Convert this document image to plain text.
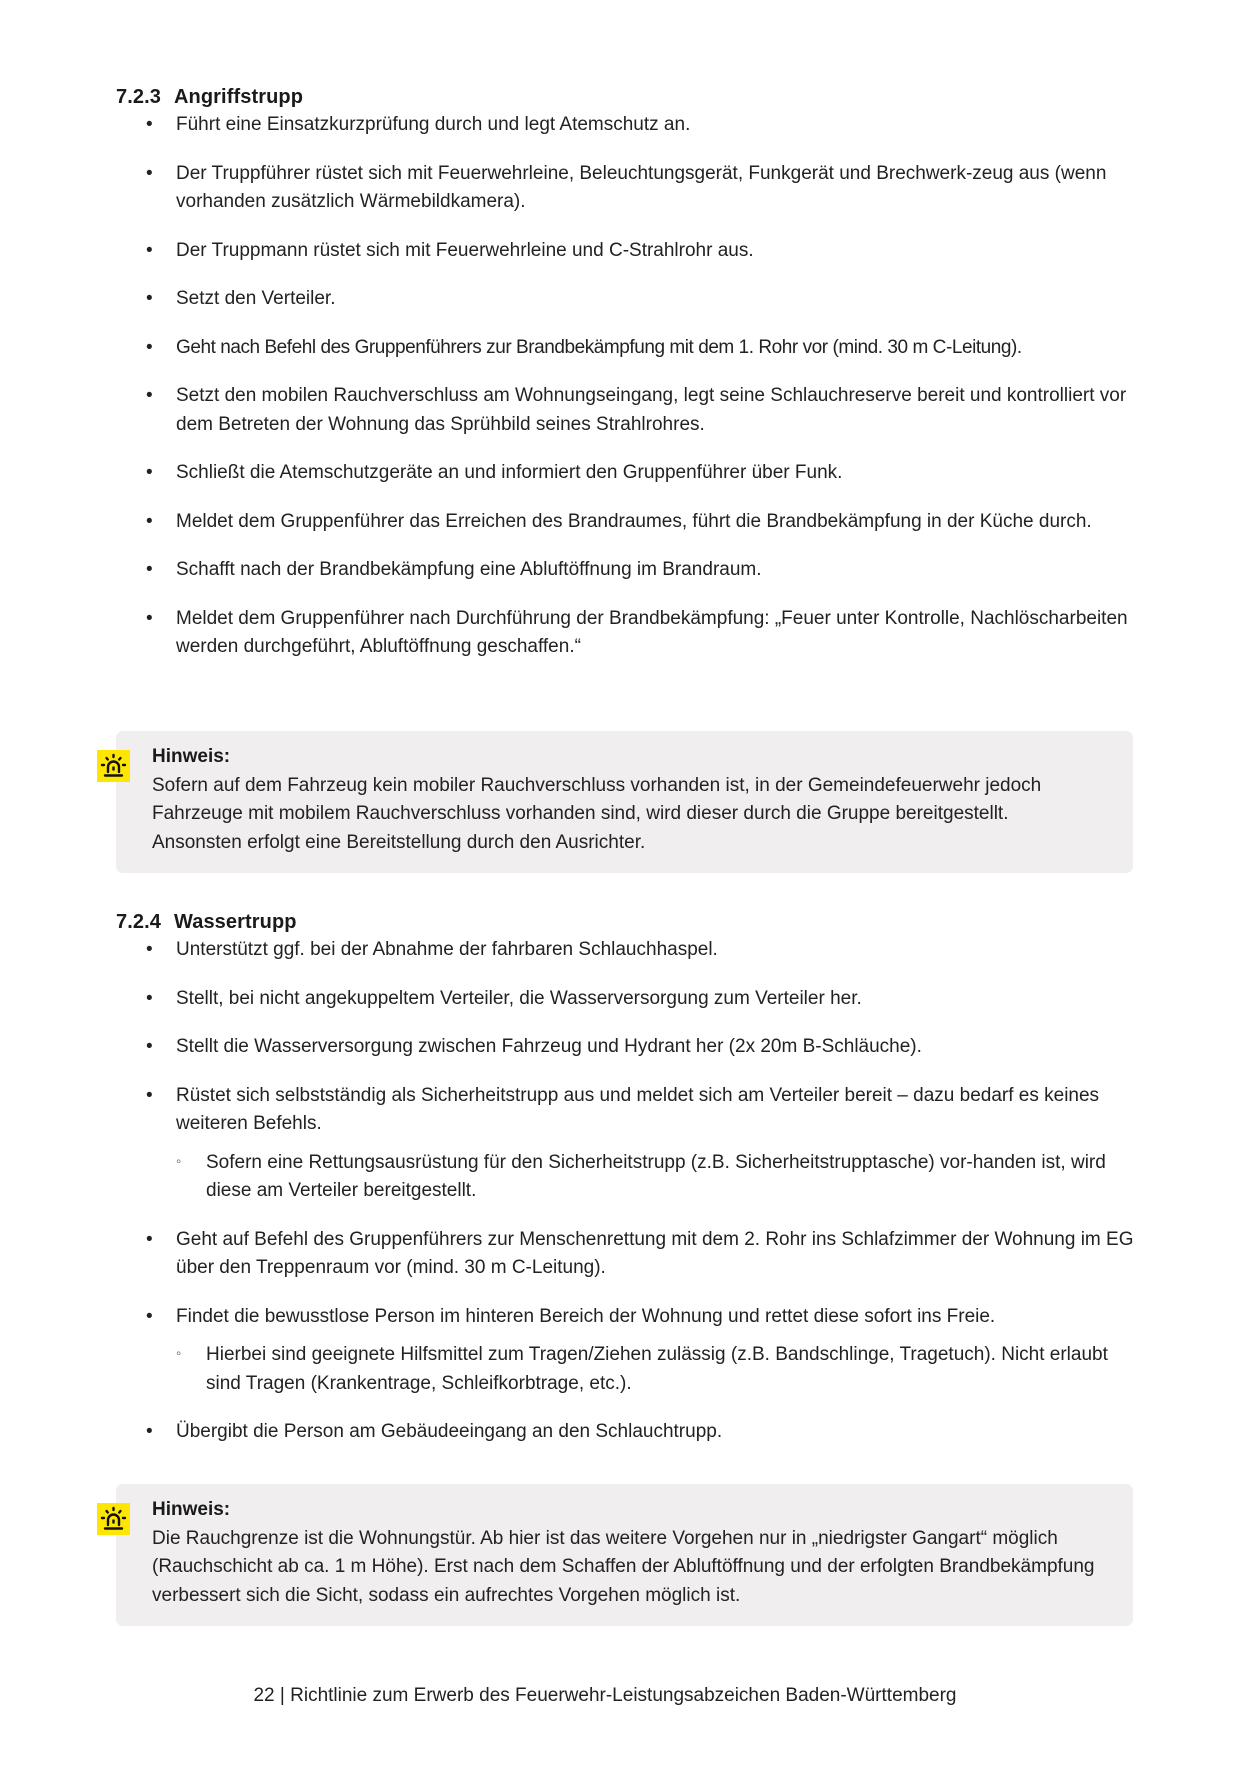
7.2.3 Angriffstrupp
• Führt eine Einsatzkurzprüfung durch und legt Atemschutz an.
• Der Truppführer rüstet sich mit Feuerwehrleine, Beleuchtungsgerät, Funkgerät und Brechwerk-zeug aus (wenn vorhanden zusätzlich Wärmebildkamera).
• Der Truppmann rüstet sich mit Feuerwehrleine und C-Strahlrohr aus.
• Setzt den Verteiler.
• Geht nach Befehl des Gruppenführers zur Brandbekämpfung mit dem 1. Rohr vor (mind. 30 m C-Leitung).
• Setzt den mobilen Rauchverschluss am Wohnungseingang, legt seine Schlauchreserve bereit und kontrolliert vor dem Betreten der Wohnung das Sprühbild seines Strahlrohres.
• Schließt die Atemschutzgeräte an und informiert den Gruppenführer über Funk.
• Meldet dem Gruppenführer das Erreichen des Brandraumes, führt die Brandbekämpfung in der Küche durch.
• Schafft nach der Brandbekämpfung eine Abluftöffnung im Brandraum.
• Meldet dem Gruppenführer nach Durchführung der Brandbekämpfung: „Feuer unter Kontrolle, Nachlöscharbeiten werden durchgeführt, Abluftöffnung geschaffen.“
Hinweis:
Sofern auf dem Fahrzeug kein mobiler Rauchverschluss vorhanden ist, in der Gemeindefeuerwehr jedoch Fahrzeuge mit mobilem Rauchverschluss vorhanden sind, wird dieser durch die Gruppe bereitgestellt. Ansonsten erfolgt eine Bereitstellung durch den Ausrichter.
7.2.4 Wassertrupp
• Unterstützt ggf. bei der Abnahme der fahrbaren Schlauchhaspel.
• Stellt, bei nicht angekuppeltem Verteiler, die Wasserversorgung zum Verteiler her.
• Stellt die Wasserversorgung zwischen Fahrzeug und Hydrant her (2x 20m B-Schläuche).
• Rüstet sich selbstständig als Sicherheitstrupp aus und meldet sich am Verteiler bereit – dazu bedarf es keines weiteren Befehls.
◦ Sofern eine Rettungsausrüstung für den Sicherheitstrupp (z.B. Sicherheitstrupptasche) vor-handen ist, wird diese am Verteiler bereitgestellt.
• Geht auf Befehl des Gruppenführers zur Menschenrettung mit dem 2. Rohr ins Schlafzimmer der Wohnung im EG über den Treppenraum vor (mind. 30 m C-Leitung).
• Findet die bewusstlose Person im hinteren Bereich der Wohnung und rettet diese sofort ins Freie.
◦ Hierbei sind geeignete Hilfsmittel zum Tragen/Ziehen zulässig (z.B. Bandschlinge, Tragetuch). Nicht erlaubt sind Tragen (Krankentrage, Schleifkorbtrage, etc.).
• Übergibt die Person am Gebäudeeingang an den Schlauchtrupp.
Hinweis:
Die Rauchgrenze ist die Wohnungstür. Ab hier ist das weitere Vorgehen nur in „niedrigster Gangart“ möglich (Rauchschicht ab ca. 1 m Höhe). Erst nach dem Schaffen der Abluftöffnung und der erfolgten Brandbekämpfung verbessert sich die Sicht, sodass ein aufrechtes Vorgehen möglich ist.
22 | Richtlinie zum Erwerb des Feuerwehr-Leistungsabzeichen Baden-Württemberg
